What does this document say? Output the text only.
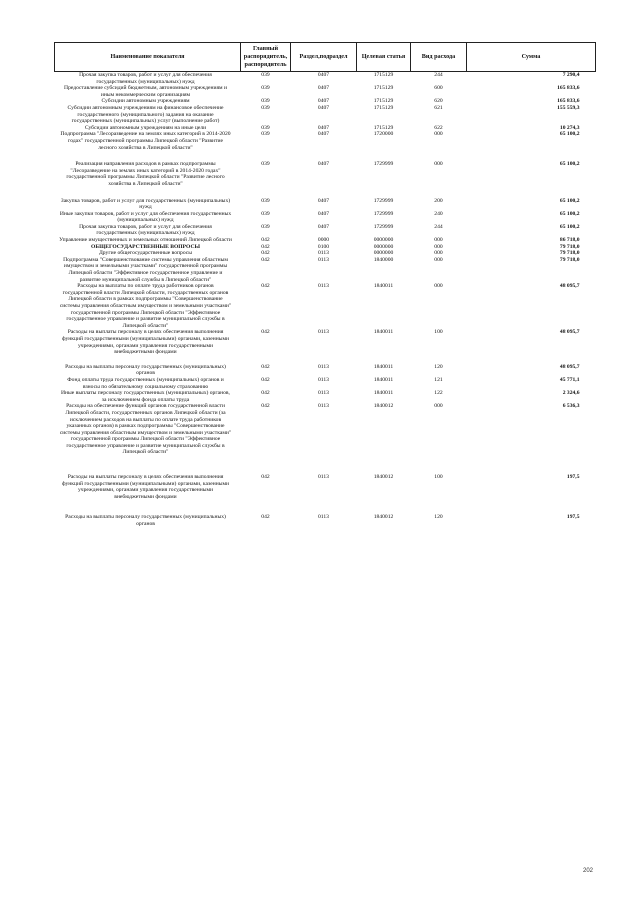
Наименование показателя	Главный распорядитель, распорядитель	Раздел,подраздел	Целевая статья	Вид расхода	Сумма
Прочая закупка товаров, работ и услуг для обеспечения государственных (муниципальных) нужд	039	0407	1715129	244	7 290,4
Предоставление субсидий бюджетным, автономным учреждениям и иным некоммерческим организациям	039	0407	1715129	600	165 833,6
Субсидии автономным учреждениям	039	0407	1715129	620	165 833,6
Субсидии автономным учреждениям на финансовое обеспечение государственного (муниципального) задания на оказание государственных (муниципальных) услуг (выполнение работ)	039	0407	1715129	621	155 559,3
Субсидии автономным учреждениям на иные цели	039	0407	1715129	622	10 274,3
Подпрограмма "Лесоразведение на землях иных категорий в 2014-2020 годах" государственной программы Липецкой области "Развитие лесного хозяйства в Липецкой области"	039	0407	1720000	000	65 100,2
Реализация направления расходов в рамках подпрограммы "Лесоразведение на землях иных категорий в 2014-2020 годах" государственной программы Липецкой области "Развитие лесного хозяйства в Липецкой области"	039	0407	1729999	000	65 100,2
Закупка товаров, работ и услуг для государственных (муниципальных) нужд	039	0407	1729999	200	65 100,2
Иные закупки товаров, работ и услуг для обеспечения государственных (муниципальных) нужд	039	0407	1729999	240	65 100,2
Прочая закупка товаров, работ и услуг для обеспечения государственных (муниципальных) нужд	039	0407	1729999	244	65 100,2
Управление имущественных и земельных отношений Липецкой области	042	0000	0000000	000	86 718,0
ОБЩЕГОСУДАРСТВЕННЫЕ ВОПРОСЫ	042	0100	0000000	000	79 718,0
Другие общегосударственные вопросы	042	0113	0000000	000	79 718,0
Подпрограмма "Совершенствование системы управления областным имуществом и земельными участками" государственной программы Липецкой области "Эффективное государственное управление и развитие муниципальной службы в Липецкой области"	042	0113	1840000	000	79 718,0
Расходы на выплаты по оплате труда работников органов государственной власти Липецкой области, государственных органов Липецкой области в рамках подпрограммы "Совершенствование системы управления областным имуществом и земельными участками" государственной программы Липецкой области "Эффективное государственное управление и развитие муниципальной службы в Липецкой области"	042	0113	1840011	000	48 095,7
Расходы на выплаты персоналу в целях обеспечения выполнения функций государственными (муниципальными) органами, казенными учреждениями, органами управления государственными внебюджетными фондами	042	0113	1840011	100	48 095,7
Расходы на выплаты персоналу государственных (муниципальных) органов	042	0113	1840011	120	48 095,7
Фонд оплаты труда государственных (муниципальных) органов и взносы по обязательному социальному страхованию	042	0113	1840011	121	45 771,1
Иные выплаты персоналу государственных (муниципальных) органов, за исключением фонда оплаты труда	042	0113	1840011	122	2 324,6
Расходы на обеспечение функций органов государственной власти Липецкой области, государственных органов Липецкой области (за исключением расходов на выплаты по оплате труда работников указанных органов) в рамках подпрограммы "Совершенствование системы управления областным имуществом и земельными участками" государственной программы Липецкой области "Эффективное государственное управление и развитие муниципальной службы в Липецкой области"	042	0113	1840012	000	6 536,3
Расходы на выплаты персоналу в целях обеспечения выполнения функций государственными (муниципальными) органами, казенными учреждениями, органами управления государственными внебюджетными фондами	042	0113	1840012	100	197,5
Расходы на выплаты персоналу государственных (муниципальных) органов	042	0113	1840012	120	197,5
202
